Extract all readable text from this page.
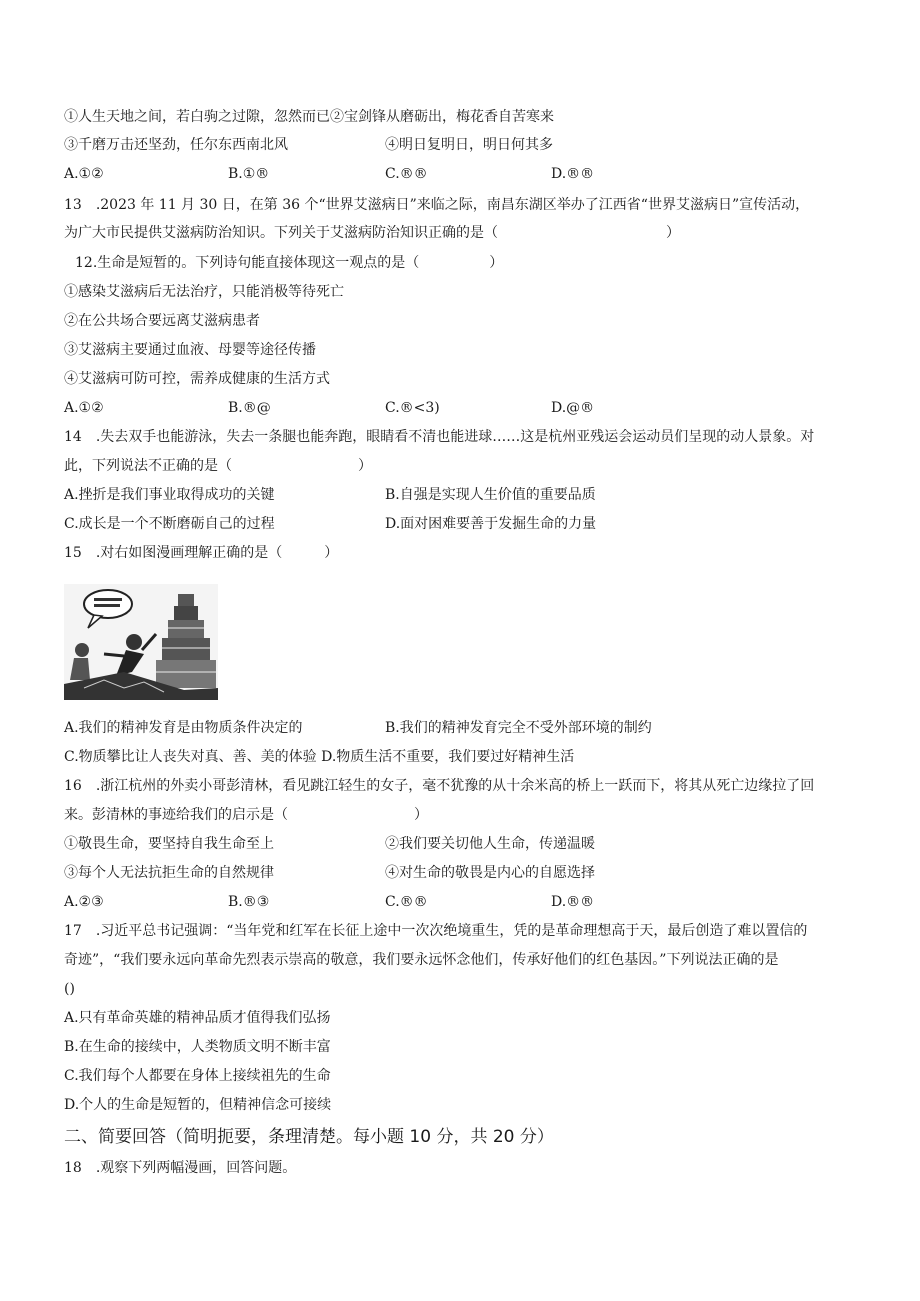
①人生天地之间，若白驹之过隙，忽然而已②宝剑锋从磨砺出，梅花香自苦寒来
③千磨万击还坚劲，任尔东西南北风	④明日复明日，明日何其多
A.①②	B.①®	C.®®	D.®®
13　.2023 年 11 月 30 日，在第 36 个“世界艾滋病日”来临之际，南昌东湖区举办了江西省“世界艾滋病日”宣传活动，
为广大市民提供艾滋病防治知识。下列关于艾滋病防治知识正确的是（　　　　　　　　　　　　）
12.生命是短暂的。下列诗句能直接体现这一观点的是（　　　　　）
①感染艾滋病后无法治疗，只能消极等待死亡
②在公共场合要远离艾滋病患者
③艾滋病主要通过血液、母婴等途径传播
④艾滋病可防可控，需养成健康的生活方式
A.①②	B.®@	C.®<3)	D.@®
14　.失去双手也能游泳，失去一条腿也能奔跑，眼睛看不清也能进球……这是杭州亚残运会运动员们呈现的动人景象。对
此，下列说法不正确的是（　　　　　　　　　）
A.挫折是我们事业取得成功的关键	B.自强是实现人生价值的重要品质
C.成长是一个不断磨砺自己的过程	D.面对困难要善于发掘生命的力量
15　.对右如图漫画理解正确的是（　　　）
A.我们的精神发育是由物质条件决定的	B.我们的精神发育完全不受外部环境的制约
C.物质攀比让人丧失对真、善、美的体验 D.物质生活不重要，我们要过好精神生活
16　.浙江杭州的外卖小哥彭清林，看见跳江轻生的女子，毫不犹豫的从十余米高的桥上一跃而下，将其从死亡边缘拉了回
来。彭清林的事迹给我们的启示是（　　　　　　　　　）
①敬畏生命，要坚持自我生命至上	②我们要关切他人生命，传递温暖
③每个人无法抗拒生命的自然规律	④对生命的敬畏是内心的自愿选择
A.②③	B.®③	C.®®	D.®®
17　.习近平总书记强调：“当年党和红军在长征上途中一次次绝境重生，凭的是革命理想高于天，最后创造了难以置信的
奇迹”，“我们要永远向革命先烈表示崇高的敬意，我们要永远怀念他们，传承好他们的红色基因。”下列说法正确的是
()
A.只有革命英雄的精神品质才值得我们弘扬
B.在生命的接续中，人类物质文明不断丰富
C.我们每个人都要在身体上接续祖先的生命
D.个人的生命是短暂的，但精神信念可接续
二、简要回答（简明扼要，条理清楚。每小题 10 分，共 20 分）
18　.观察下列两幅漫画，回答问题。
